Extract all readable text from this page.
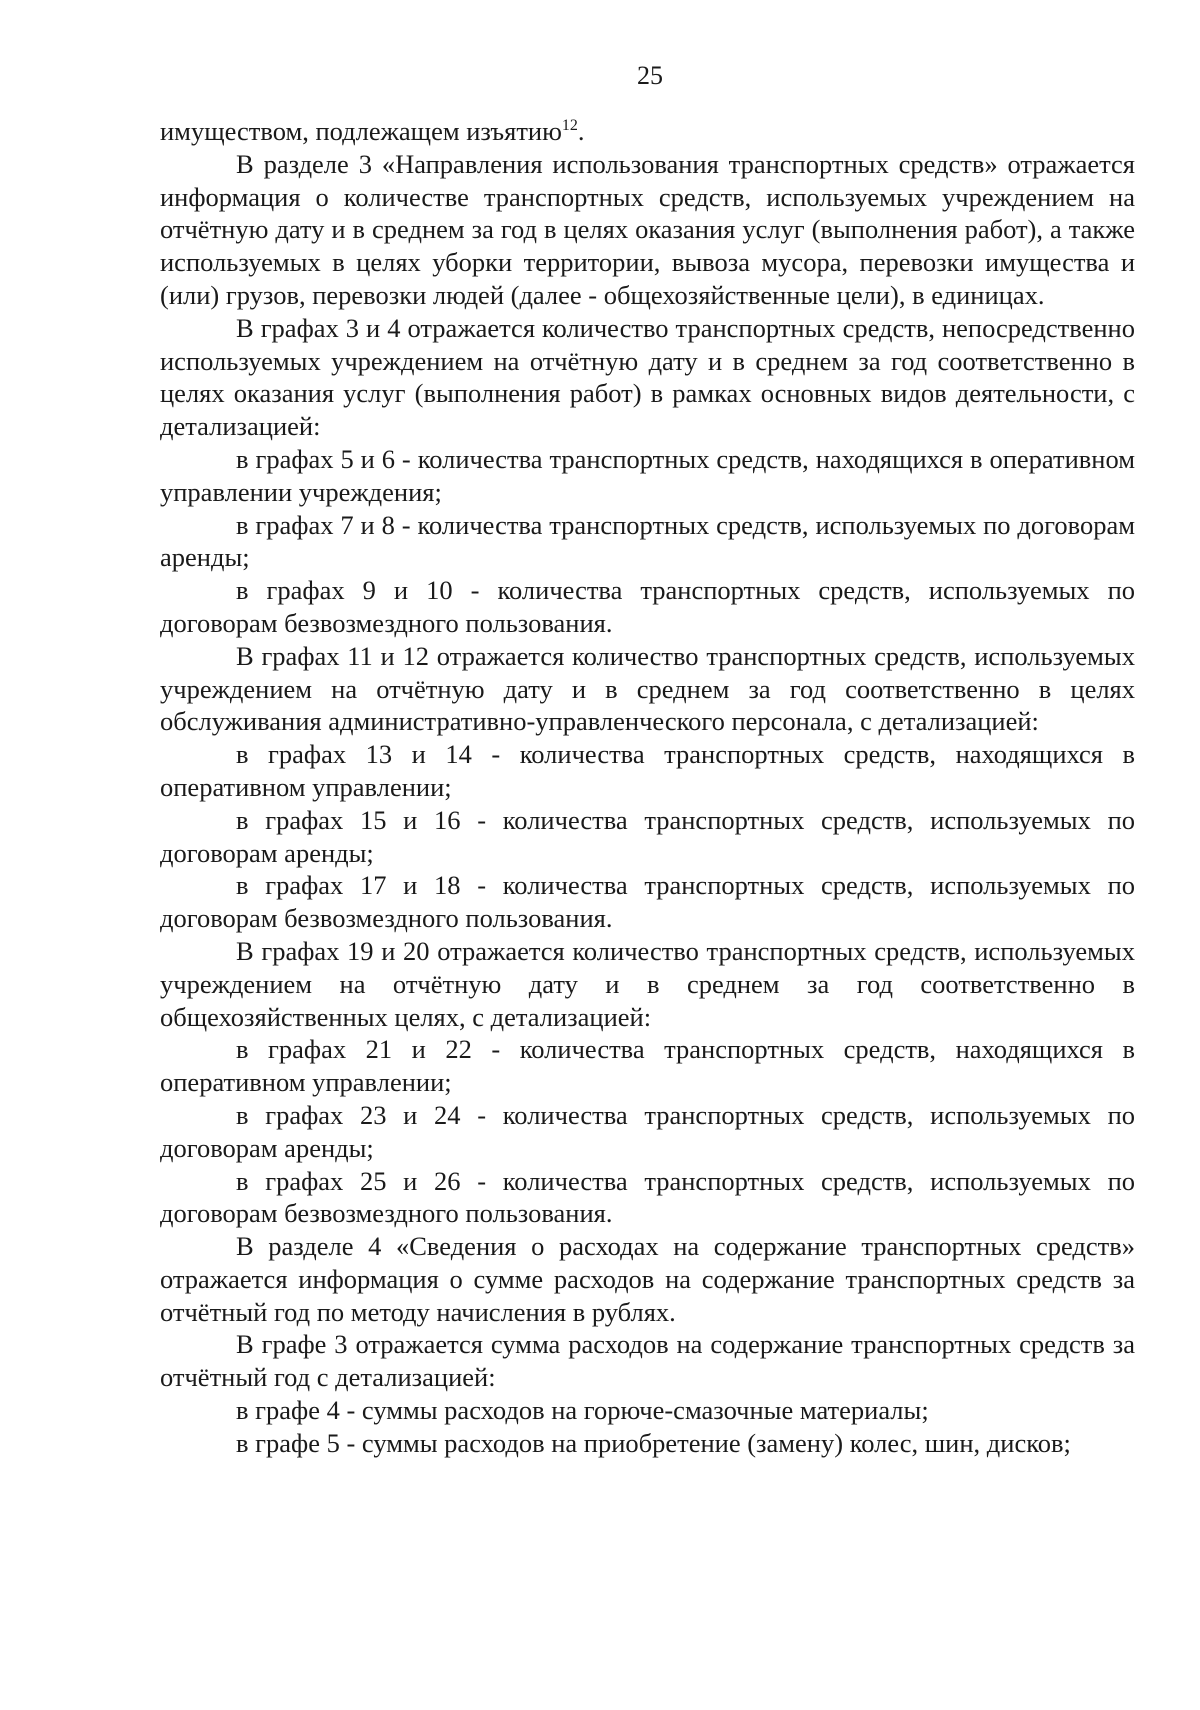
25

имуществом, подлежащем изъятию$^{12}$.

В разделе 3 «Направления использования транспортных средств» отражается информация о количестве транспортных средств, используемых учреждением на отчётную дату и в среднем за год в целях оказания услуг (выполнения работ), а также используемых в целях уборки территории, вывоза мусора, перевозки имущества и (или) грузов, перевозки людей (далее - общехозяйственные цели), в единицах.

В графах 3 и 4 отражается количество транспортных средств, непосредственно используемых учреждением на отчётную дату и в среднем за год соответственно в целях оказания услуг (выполнения работ) в рамках основных видов деятельности, с детализацией:

в графах 5 и 6 - количества транспортных средств, находящихся в оперативном управлении учреждения;

в графах 7 и 8 - количества транспортных средств, используемых по договорам аренды;

в графах 9 и 10 - количества транспортных средств, используемых по договорам безвозмездного пользования.

В графах 11 и 12 отражается количество транспортных средств, используемых учреждением на отчётную дату и в среднем за год соответственно в целях обслуживания административно-управленческого персонала, с детализацией:

в графах 13 и 14 - количества транспортных средств, находящихся в оперативном управлении;

в графах 15 и 16 - количества транспортных средств, используемых по договорам аренды;

в графах 17 и 18 - количества транспортных средств, используемых по договорам безвозмездного пользования.

В графах 19 и 20 отражается количество транспортных средств, используемых учреждением на отчётную дату и в среднем за год соответственно в общехозяйственных целях, с детализацией:

в графах 21 и 22 - количества транспортных средств, находящихся в оперативном управлении;

в графах 23 и 24 - количества транспортных средств, используемых по договорам аренды;

в графах 25 и 26 - количества транспортных средств, используемых по договорам безвозмездного пользования.

В разделе 4 «Сведения о расходах на содержание транспортных средств» отражается информация о сумме расходов на содержание транспортных средств за отчётный год по методу начисления в рублях.

В графе 3 отражается сумма расходов на содержание транспортных средств за отчётный год с детализацией:

в графе 4 - суммы расходов на горюче-смазочные материалы;

в графе 5 - суммы расходов на приобретение (замену) колес, шин, дисков;
